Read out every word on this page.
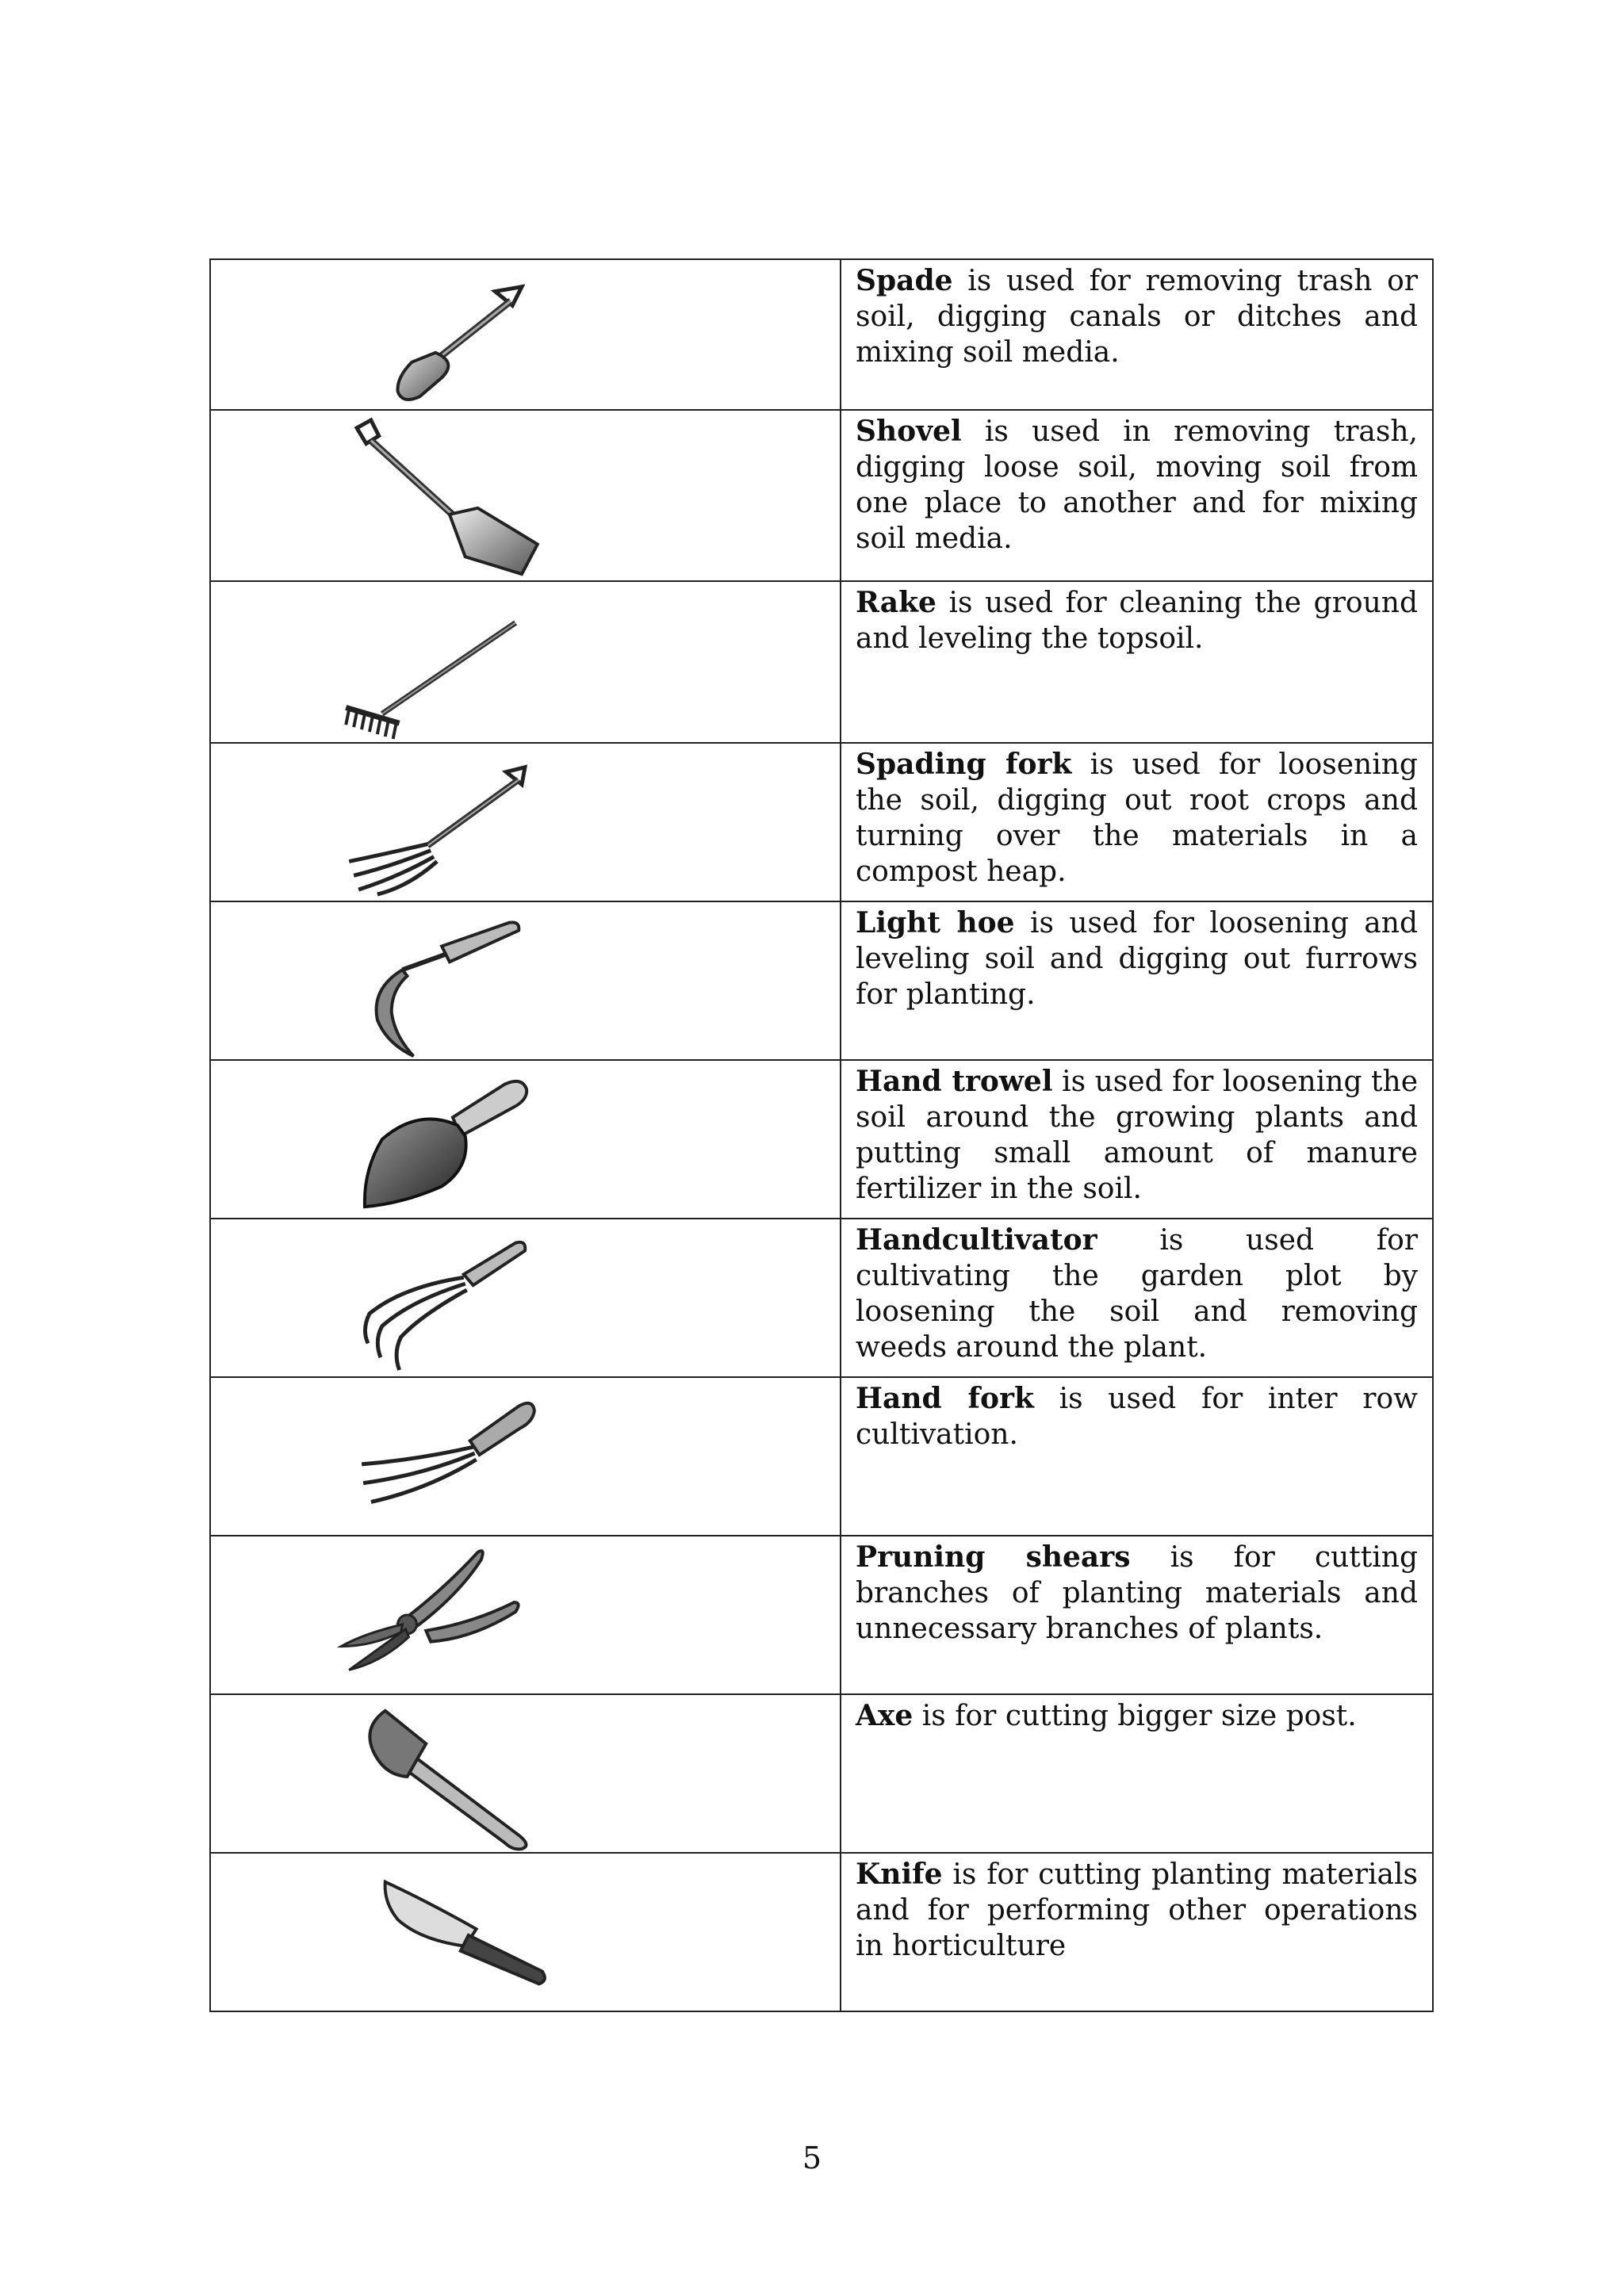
Spade is used for removing trash or soil, digging canals or ditches and mixing soil media.

Shovel is used in removing trash, digging loose soil, moving soil from one place to another and for mixing soil media.

Rake is used for cleaning the ground and leveling the topsoil.

Spading fork is used for loosening the soil, digging out root crops and turning over the materials in a compost heap.

Light hoe is used for loosening and leveling soil and digging out furrows for planting.

Hand trowel is used for loosening the soil around the growing plants and putting small amount of manure fertilizer in the soil.

Handcultivator is used for cultivating the garden plot by loosening the soil and removing weeds around the plant.

Hand fork is used for inter row cultivation.

Pruning shears is for cutting branches of planting materials and unnecessary branches of plants.

Axe is for cutting bigger size post.

Knife is for cutting planting materials and for performing other operations in horticulture
5
